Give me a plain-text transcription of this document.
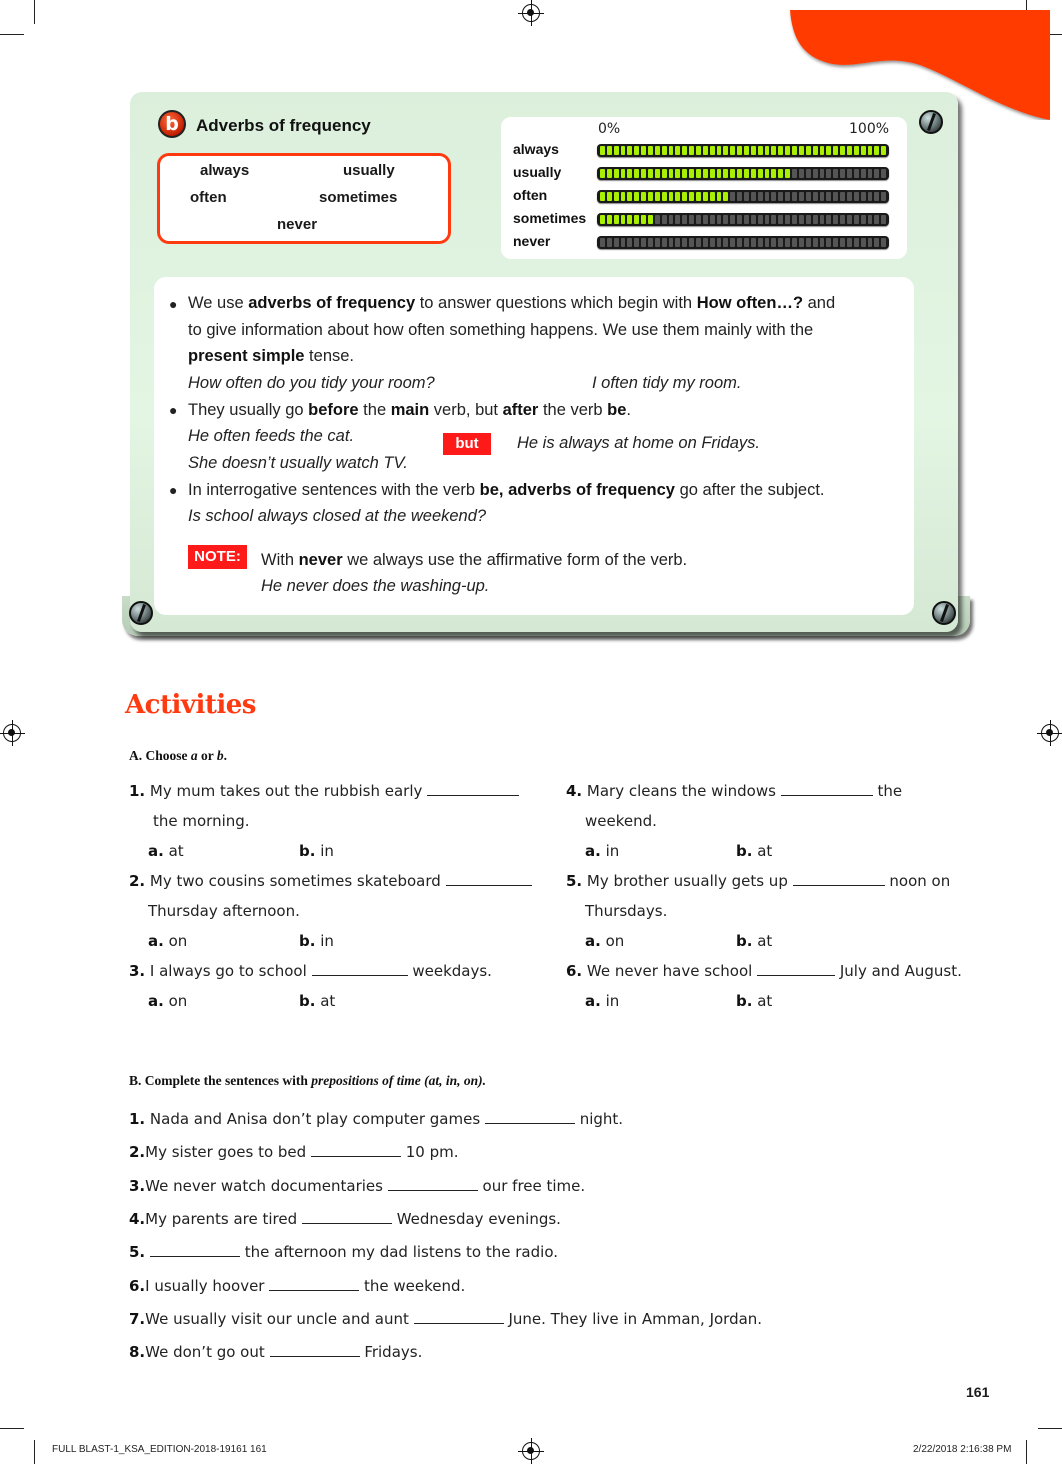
b	Adverbs of frequency
always	usually
often	sometimes
never
0%	100%
always
usually
often
sometimes
never
● We use adverbs of frequency to answer questions which begin with How often…? and
to give information about how often something happens. We use them mainly with the
present simple tense.
How often do you tidy your room?	I often tidy my room.
● They usually go before the main verb, but after the verb be.
He often feeds the cat.	but	He is always at home on Fridays.
She doesn’t usually watch TV.
● In interrogative sentences with the verb be, adverbs of frequency go after the subject.
Is school always closed at the weekend?
NOTE:	With never we always use the affirmative form of the verb.
He never does the washing-up.
Activities
A. Choose a or b.
1. My mum takes out the rubbish early
the morning.
a. at	b. in
2. My two cousins sometimes skateboard
Thursday afternoon.
a. on	b. in
3. I always go to school	weekdays.
a. on	b. at
4. Mary cleans the windows	the
weekend.
a. in	b. at
5. My brother usually gets up	noon on
Thursdays.
a. on	b. at
6. We never have school	July and August.
a. in	b. at
B. Complete the sentences with prepositions of time (at, in, on).
1. Nada and Anisa don’t play computer games	night.
2.My sister goes to bed	10 pm.
3.We never watch documentaries	our free time.
4.My parents are tired	Wednesday evenings.
5.	the afternoon my dad listens to the radio.
6.I usually hoover	the weekend.
7.We usually visit our uncle and aunt	June. They live in Amman, Jordan.
8.We don’t go out	Fridays.
161
FULL BLAST-1_KSA_EDITION-2018-19161 161	2/22/2018 2:16:38 PM
